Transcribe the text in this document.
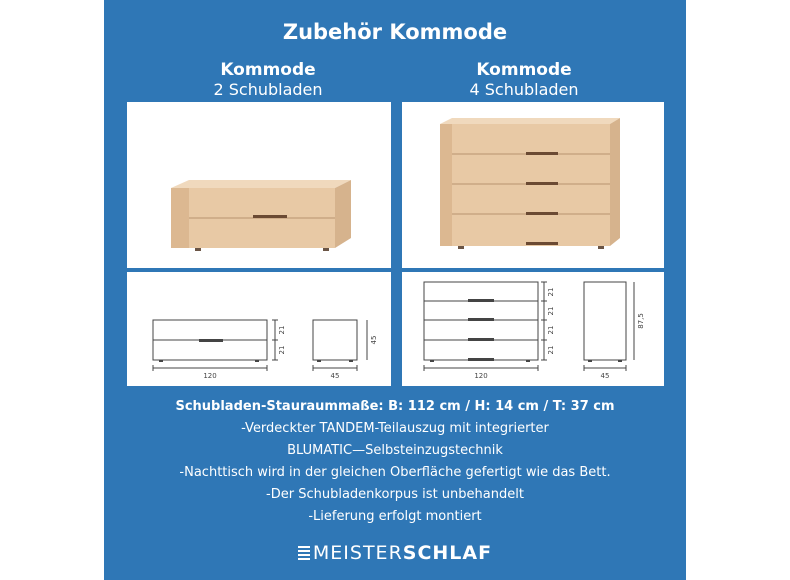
Zubehör Kommode
Kommode
2 Schubladen
Kommode
4 Schubladen
120	45
21
21
45
120	45
21
21
21
21
87,5
Schubladen-Stauraummaße: B: 112 cm / H: 14 cm / T: 37 cm
-Verdeckter TANDEM-Teilauszug mit integrierter
BLUMATIC—Selbsteinzugstechnik
-Nachttisch wird in der gleichen Oberfläche gefertigt wie das Bett.
-Der Schubladenkorpus ist unbehandelt
-Lieferung erfolgt montiert
MEISTERSCHLAF
